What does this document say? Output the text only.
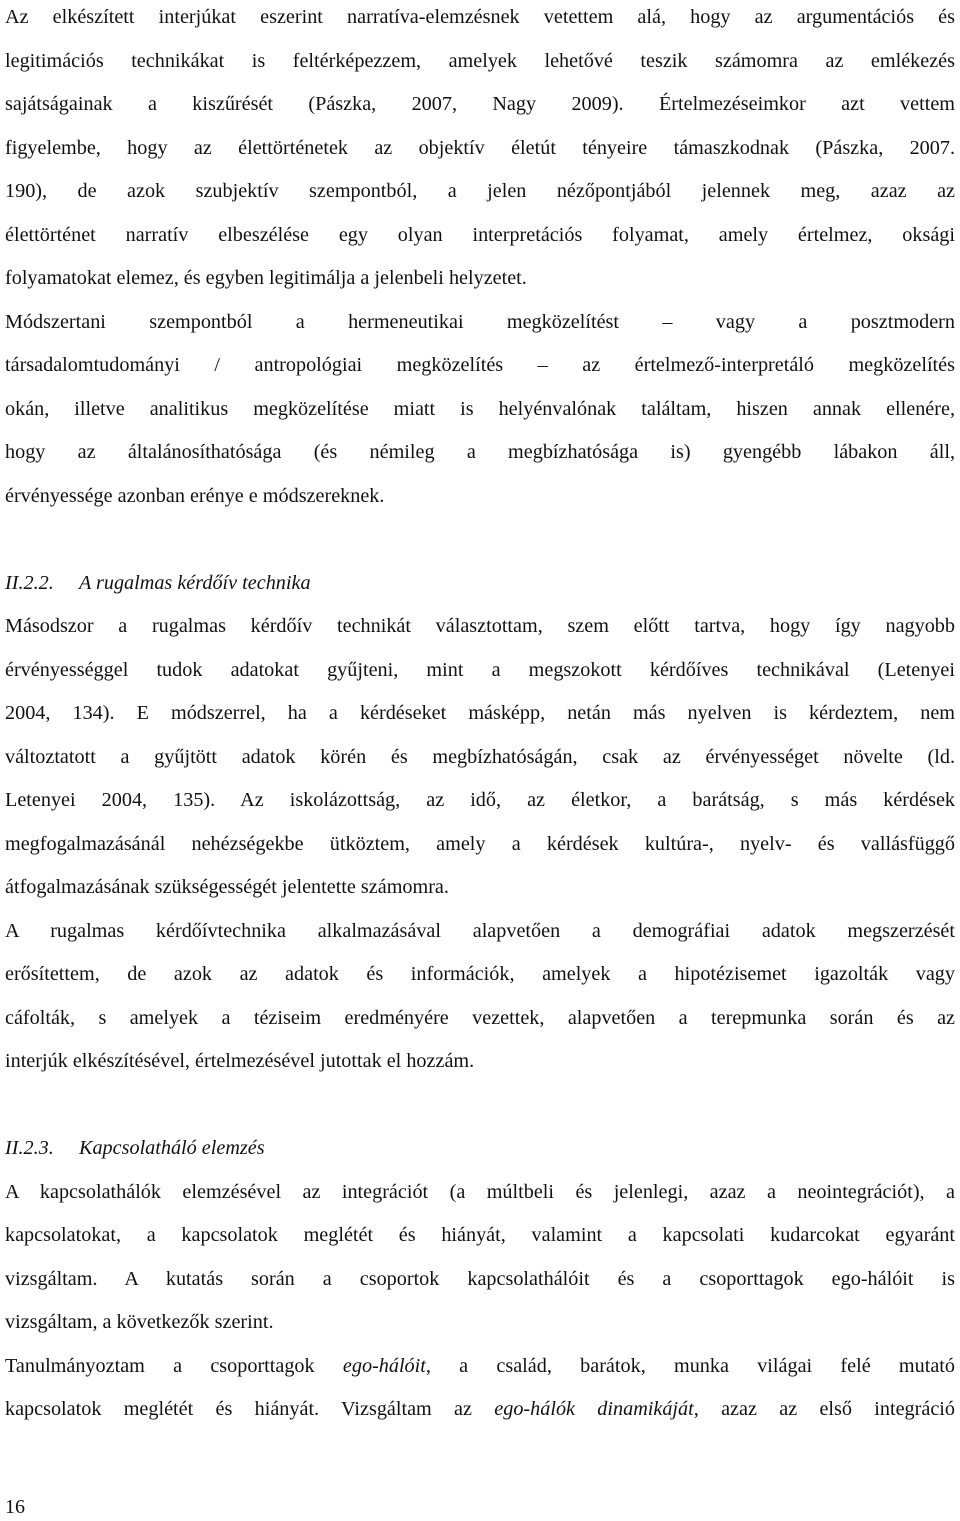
Az elkészített interjúkat eszerint narratíva-elemzésnek vetettem alá, hogy az argumentációs és
legitimációs technikákat is feltérképezzem, amelyek lehetővé teszik számomra az emlékezés
sajátságainak a kiszűrését (Pászka, 2007, Nagy 2009). Értelmezéseimkor azt vettem
figyelembe, hogy az élettörténetek az objektív életút tényeire támaszkodnak (Pászka, 2007.
190), de azok szubjektív szempontból, a jelen nézőpontjából jelennek meg, azaz az
élettörténet narratív elbeszélése egy olyan interpretációs folyamat, amely értelmez, oksági
folyamatokat elemez, és egyben legitimálja a jelenbeli helyzetet.
Módszertani szempontból a hermeneutikai megközelítést – vagy a posztmodern
társadalomtudományi / antropológiai megközelítés – az értelmező-interpretáló megközelítés
okán, illetve analitikus megközelítése miatt is helyénvalónak találtam, hiszen annak ellenére,
hogy az általánosíthatósága (és némileg a megbízhatósága is) gyengébb lábakon áll,
érvényessége azonban erénye e módszereknek.
II.2.2. A rugalmas kérdőív technika
Másodszor a rugalmas kérdőív technikát választottam, szem előtt tartva, hogy így nagyobb
érvényességgel tudok adatokat gyűjteni, mint a megszokott kérdőíves technikával (Letenyei
2004, 134). E módszerrel, ha a kérdéseket másképp, netán más nyelven is kérdeztem, nem
változtatott a gyűjtött adatok körén és megbízhatóságán, csak az érvényességet növelte (ld.
Letenyei 2004, 135). Az iskolázottság, az idő, az életkor, a barátság, s más kérdések
megfogalmazásánál nehézségekbe ütköztem, amely a kérdések kultúra-, nyelv- és vallásfüggő
átfogalmazásának szükségességét jelentette számomra.
A rugalmas kérdőívtechnika alkalmazásával alapvetően a demográfiai adatok megszerzését
erősítettem, de azok az adatok és információk, amelyek a hipotézisemet igazolták vagy
cáfolták, s amelyek a téziseim eredményére vezettek, alapvetően a terepmunka során és az
interjúk elkészítésével, értelmezésével jutottak el hozzám.
II.2.3. Kapcsolatháló elemzés
A kapcsolathálók elemzésével az integrációt (a múltbeli és jelenlegi, azaz a neointegrációt), a
kapcsolatokat, a kapcsolatok meglétét és hiányát, valamint a kapcsolati kudarcokat egyaránt
vizsgáltam. A kutatás során a csoportok kapcsolathálóit és a csoporttagok ego-hálóit is
vizsgáltam, a következők szerint.
Tanulmányoztam a csoporttagok ego-hálóit, a család, barátok, munka világai felé mutató
kapcsolatok meglétét és hiányát. Vizsgáltam az ego-hálók dinamikáját, azaz az első integráció
16
